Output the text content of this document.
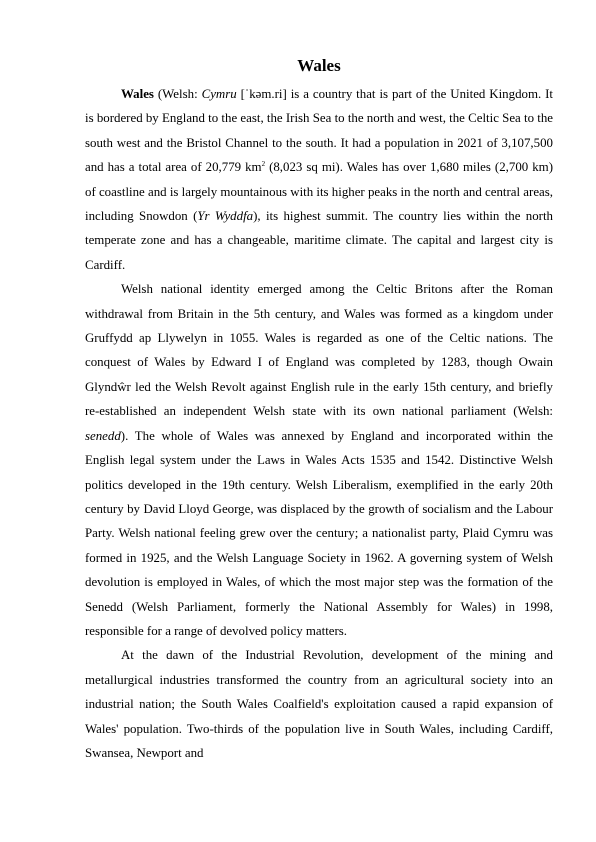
Wales

Wales (Welsh: Cymru [ˈkəm.ri] is a country that is part of the United Kingdom. It is bordered by England to the east, the Irish Sea to the north and west, the Celtic Sea to the south west and the Bristol Channel to the south. It had a population in 2021 of 3,107,500 and has a total area of 20,779 $km^2$ (8,023 sq mi). Wales has over 1,680 miles (2,700 km) of coastline and is largely mountainous with its higher peaks in the north and central areas, including Snowdon (Yr Wyddfa), its highest summit. The country lies within the north temperate zone and has a changeable, maritime climate. The capital and largest city is Cardiff.

Welsh national identity emerged among the Celtic Britons after the Roman withdrawal from Britain in the 5th century, and Wales was formed as a kingdom under Gruffydd ap Llywelyn in 1055. Wales is regarded as one of the Celtic nations. The conquest of Wales by Edward I of England was completed by 1283, though Owain Glyndŵr led the Welsh Revolt against English rule in the early 15th century, and briefly re-established an independent Welsh state with its own national parliament (Welsh: senedd). The whole of Wales was annexed by England and incorporated within the English legal system under the Laws in Wales Acts 1535 and 1542. Distinctive Welsh politics developed in the 19th century. Welsh Liberalism, exemplified in the early 20th century by David Lloyd George, was displaced by the growth of socialism and the Labour Party. Welsh national feeling grew over the century; a nationalist party, Plaid Cymru was formed in 1925, and the Welsh Language Society in 1962. A governing system of Welsh devolution is employed in Wales, of which the most major step was the formation of the Senedd (Welsh Parliament, formerly the National Assembly for Wales) in 1998, responsible for a range of devolved policy matters.

At the dawn of the Industrial Revolution, development of the mining and metallurgical industries transformed the country from an agricultural society into an industrial nation; the South Wales Coalfield's exploitation caused a rapid expansion of Wales' population. Two-thirds of the population live in South Wales, including Cardiff, Swansea, Newport and
